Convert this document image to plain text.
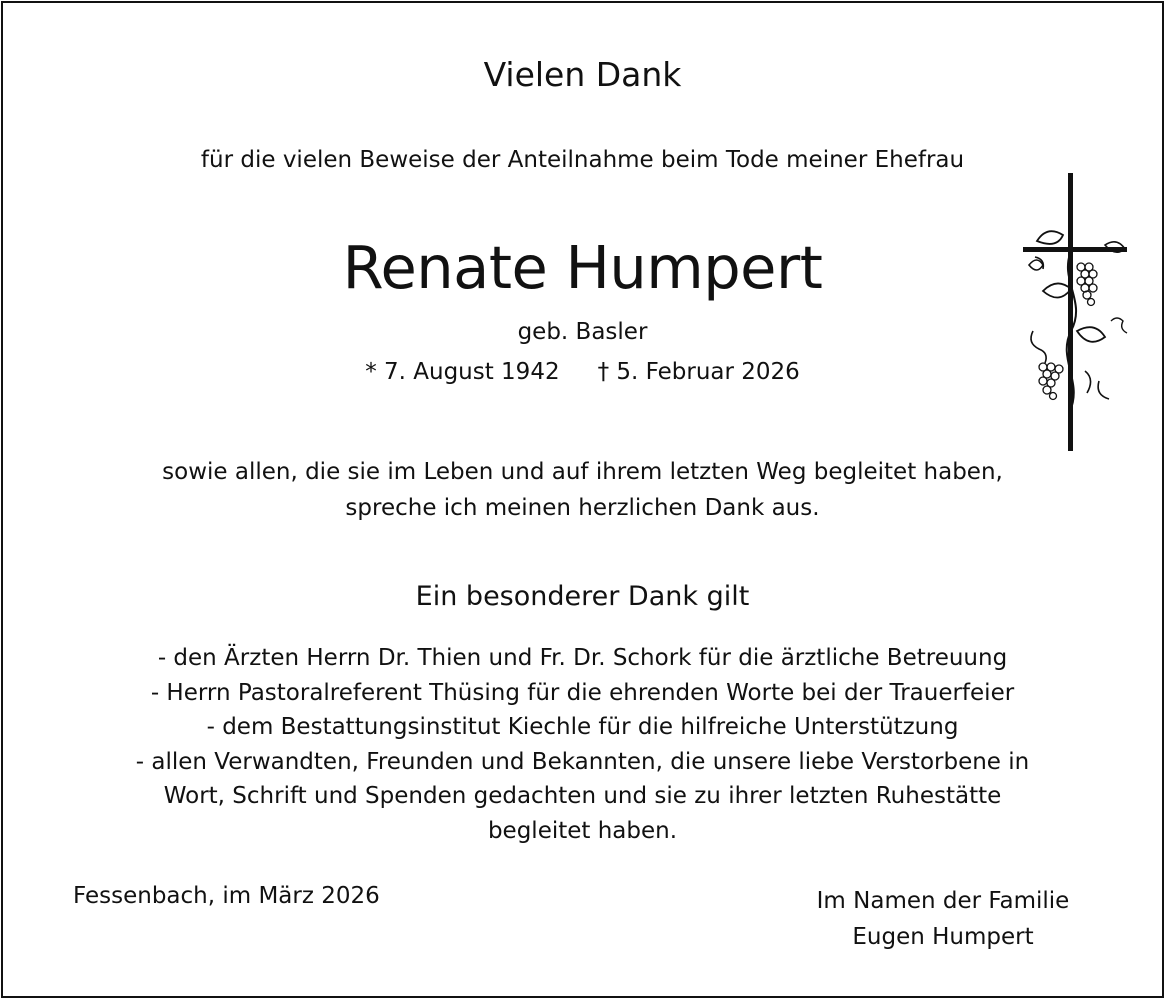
Vielen Dank
für die vielen Beweise der Anteilnahme beim Tode meiner Ehefrau
Renate Humpert
geb. Basler
* 7. August 1942 † 5. Februar 2026
sowie allen, die sie im Leben und auf ihrem letzten Weg begleitet haben,
spreche ich meinen herzlichen Dank aus.
Ein besonderer Dank gilt
- den Ärzten Herrn Dr. Thien und Fr. Dr. Schork für die ärztliche Betreuung
- Herrn Pastoralreferent Thüsing für die ehrenden Worte bei der Trauerfeier
- dem Bestattungsinstitut Kiechle für die hilfreiche Unterstützung
- allen Verwandten, Freunden und Bekannten, die unsere liebe Verstorbene in
Wort, Schrift und Spenden gedachten und sie zu ihrer letzten Ruhestätte
begleitet haben.
Fessenbach, im März 2026	Im Namen der Familie
Eugen Humpert
